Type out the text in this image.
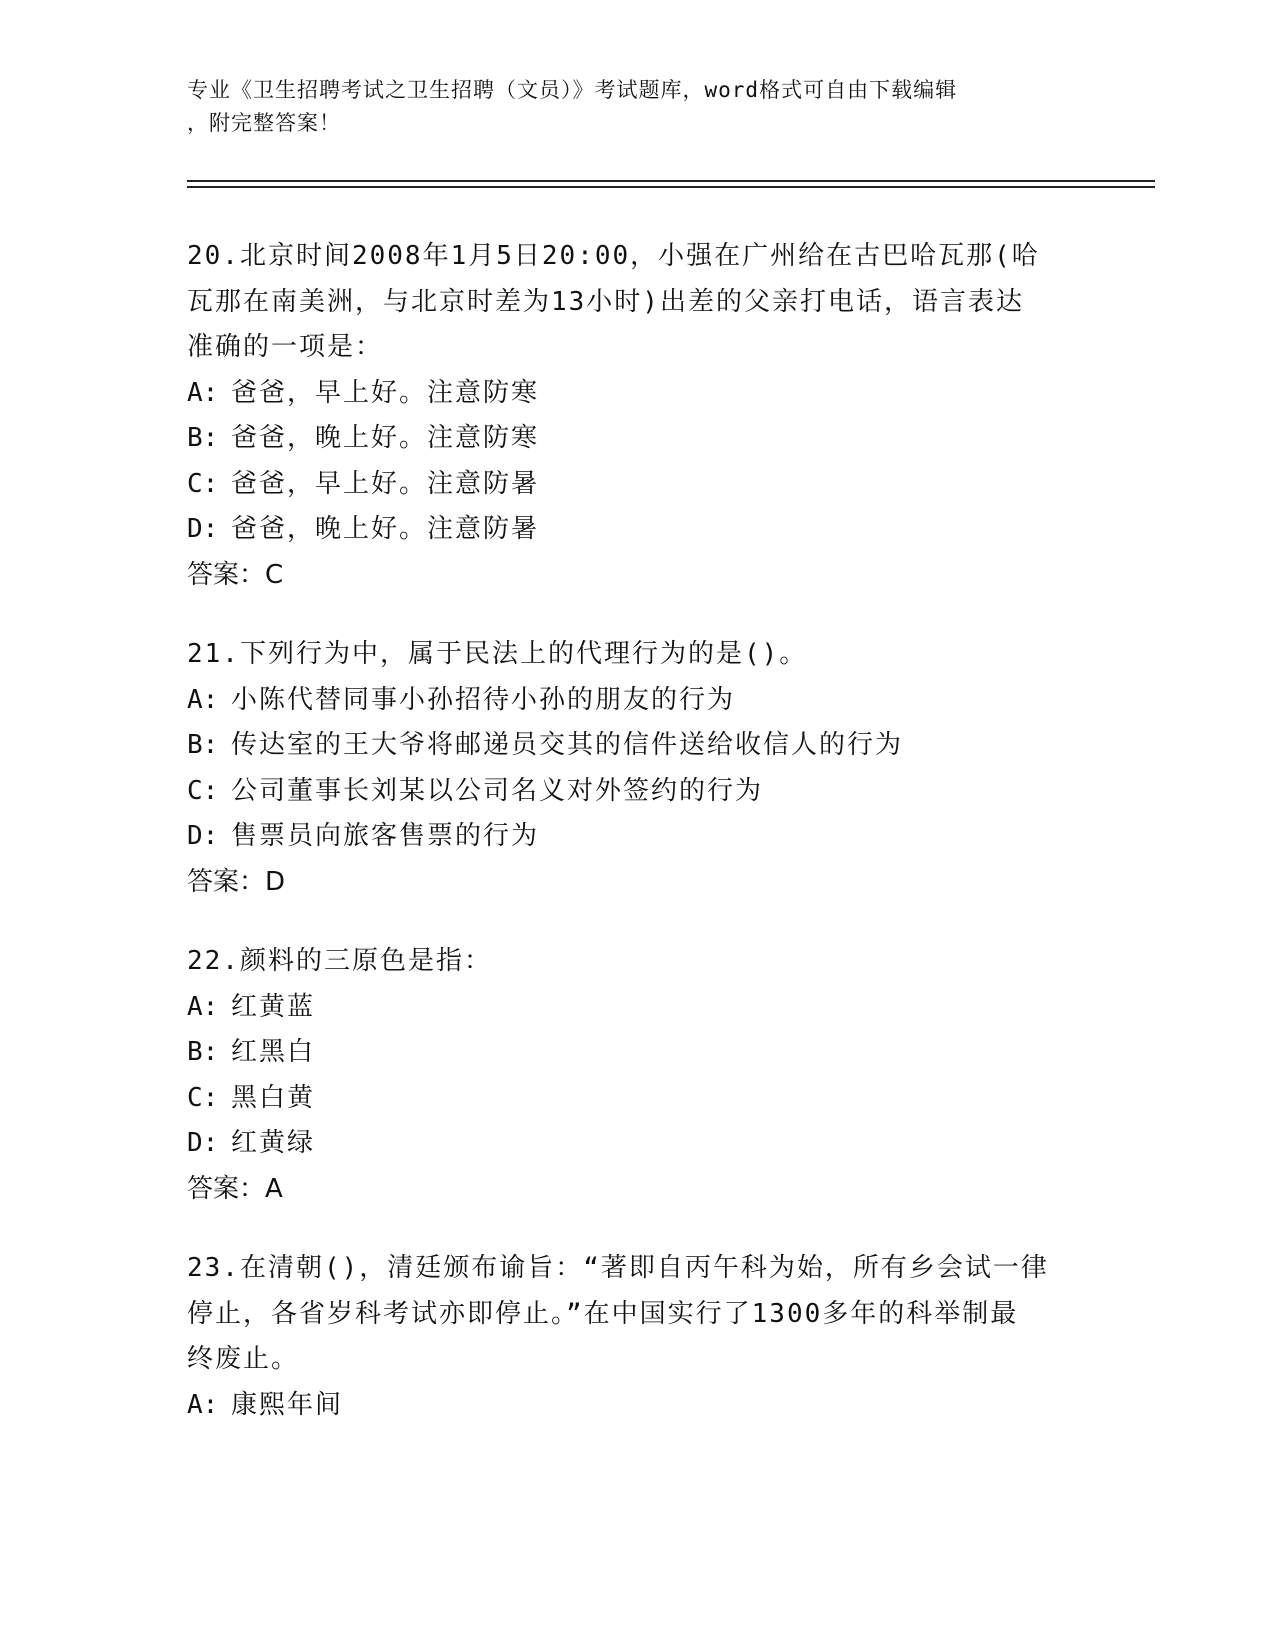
专业《卫生招聘考试之卫生招聘（文员）》考试题库，word格式可自由下载编辑
，附完整答案！
20.北京时间2008年1月5日20:00，小强在广州给在古巴哈瓦那(哈
瓦那在南美洲，与北京时差为13小时)出差的父亲打电话，语言表达
准确的一项是：
A: 爸爸，早上好。注意防寒
B: 爸爸，晚上好。注意防寒
C: 爸爸，早上好。注意防暑
D: 爸爸，晚上好。注意防暑
答案：C
21.下列行为中，属于民法上的代理行为的是()。
A: 小陈代替同事小孙招待小孙的朋友的行为
B: 传达室的王大爷将邮递员交其的信件送给收信人的行为
C: 公司董事长刘某以公司名义对外签约的行为
D: 售票员向旅客售票的行为
答案：D
22.颜料的三原色是指：
A: 红黄蓝
B: 红黑白
C: 黑白黄
D: 红黄绿
答案：A
23.在清朝()，清廷颁布谕旨：“著即自丙午科为始，所有乡会试一律
停止，各省岁科考试亦即停止。”在中国实行了1300多年的科举制最
终废止。
A: 康熙年间
